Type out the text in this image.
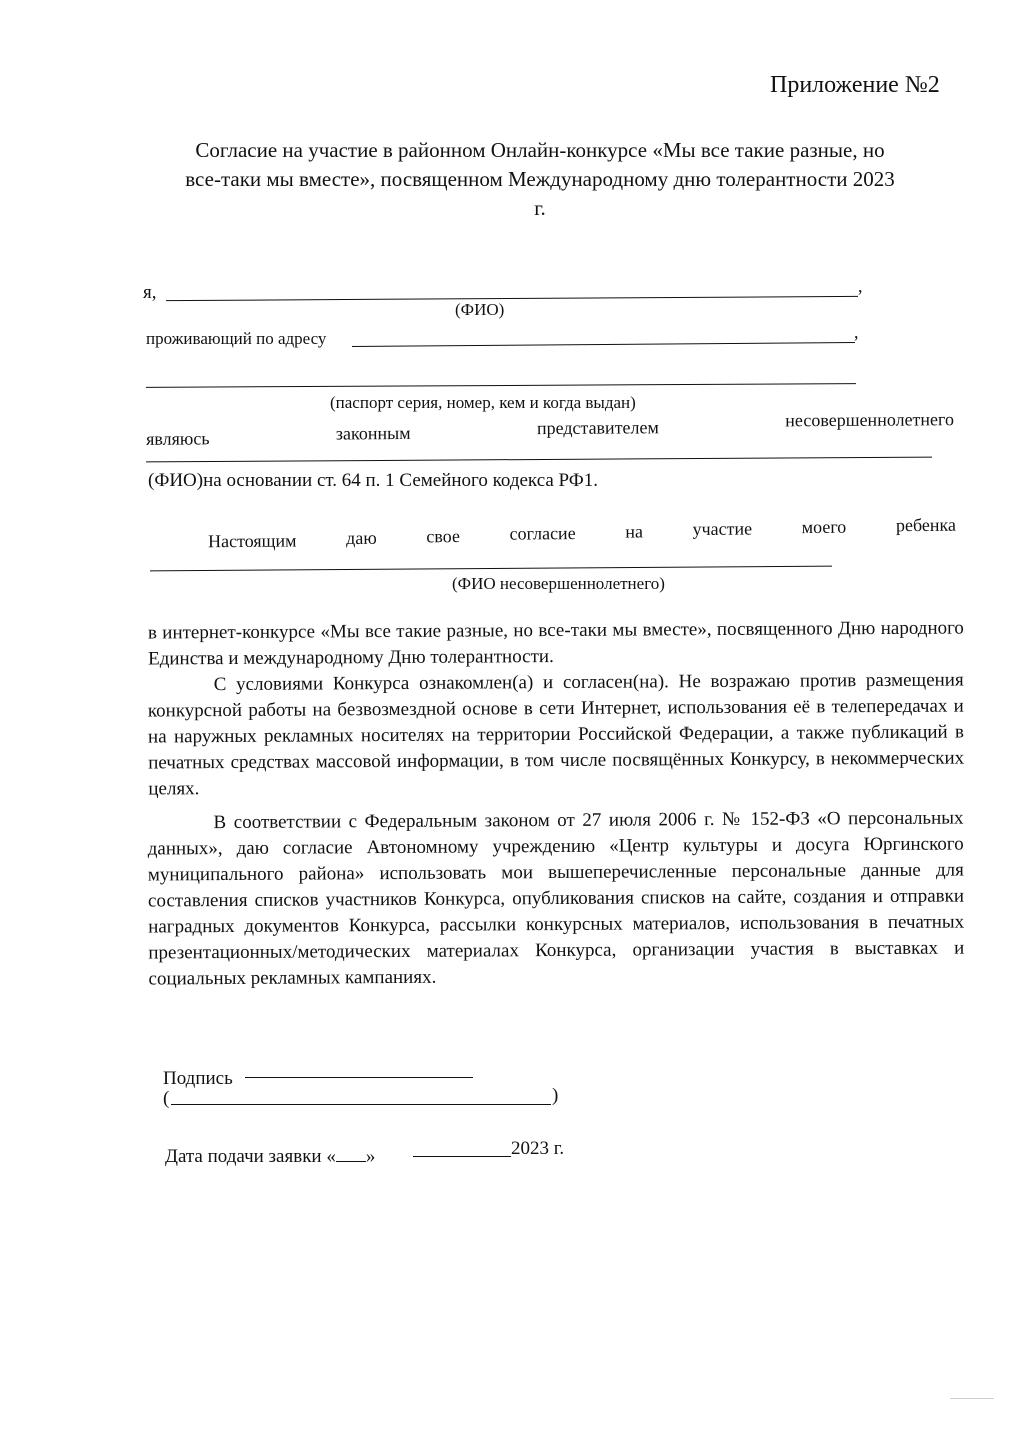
Приложение №2
Согласие на участие в районном Онлайн-конкурсе «Мы все такие разные, но все-таки мы вместе», посвященном Международному дню толерантности 2023 г.
я,	,
(ФИО)
проживающий по адресу	,
(паспорт серия, номер, кем и когда выдан)
являюсь	законным	представителем	несовершеннолетнего
(ФИО)на основании ст. 64 п. 1 Семейного кодекса РФ1.
Настоящим	даю	свое	согласие	на	участие	моего	ребенка
(ФИО несовершеннолетнего)
в интернет-конкурсе «Мы все такие разные, но все-таки мы вместе», посвященного Дню народного Единства и международному Дню толерантности.
С условиями Конкурса ознакомлен(а) и согласен(на). Не возражаю против размещения конкурсной работы на безвозмездной основе в сети Интернет, использования её в телепередачах и на наружных рекламных носителях на территории Российской Федерации, а также публикаций в печатных средствах массовой информации, в том числе посвящённых Конкурсу, в некоммерческих целях.
В соответствии с Федеральным законом от 27 июля 2006 г. № 152-ФЗ «О персональных данных», даю согласие Автономному учреждению «Центр культуры и досуга Юргинского муниципального района» использовать мои вышеперечисленные персональные данные для составления списков участников Конкурса, опубликования списков на сайте, создания и отправки наградных документов Конкурса, рассылки конкурсных материалов, использования в печатных презентационных/методических материалах Конкурса, организации участия в выставках и социальных рекламных кампаниях.
Подпись
(	)
Дата подачи заявки « »	2023 г.
